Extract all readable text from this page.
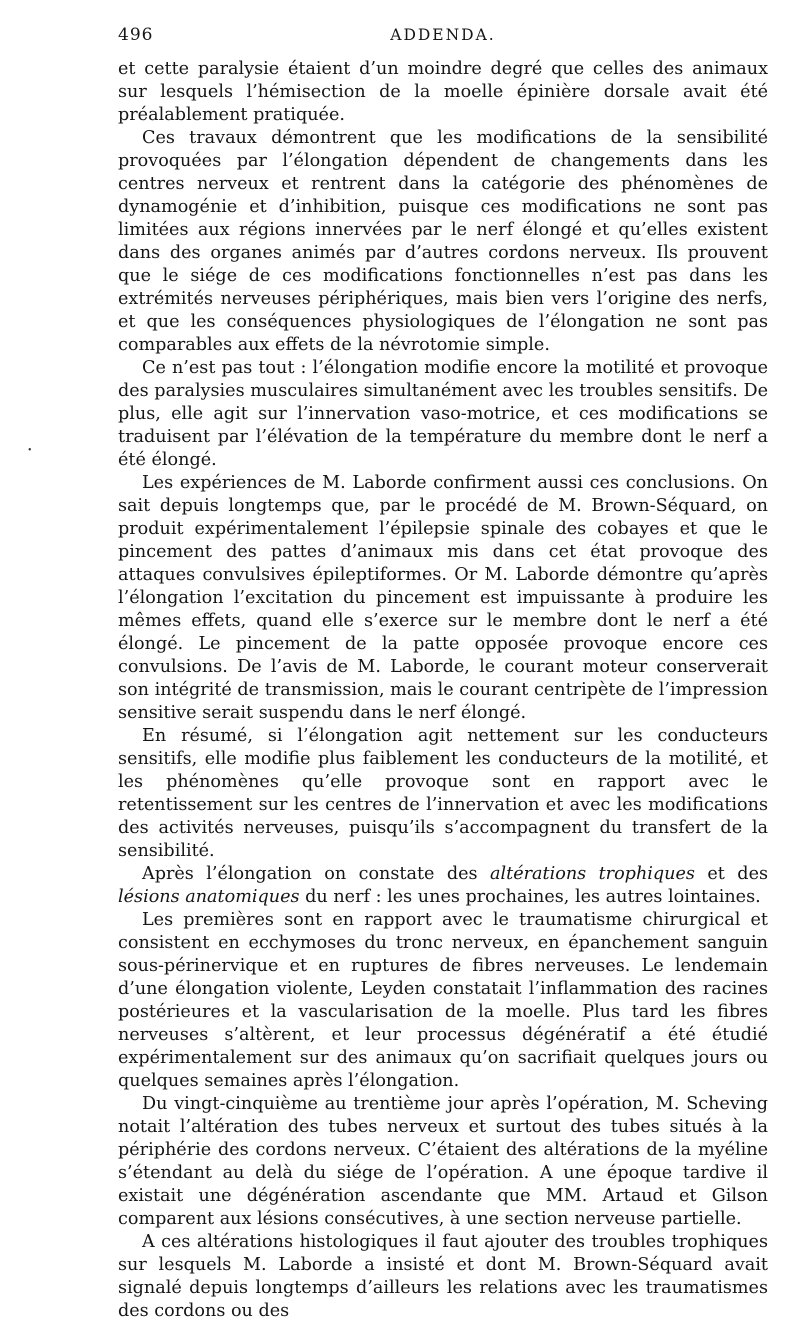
496	ADDENDA.

et cette paralysie étaient d’un moindre degré que celles des animaux sur lesquels l’hémisection de la moelle épinière dorsale avait été préalablement pratiquée.

Ces travaux démontrent que les modifications de la sensibilité provoquées par l’élongation dépendent de changements dans les centres nerveux et rentrent dans la catégorie des phénomènes de dynamogénie et d’inhibition, puisque ces modifications ne sont pas limitées aux régions innervées par le nerf élongé et qu’elles existent dans des organes animés par d’autres cordons nerveux. Ils prouvent que le siége de ces modifications fonctionnelles n’est pas dans les extrémités nerveuses périphériques, mais bien vers l’origine des nerfs, et que les conséquences physiologiques de l’élongation ne sont pas comparables aux effets de la névrotomie simple.

Ce n’est pas tout : l’élongation modifie encore la motilité et provoque des paralysies musculaires simultanément avec les troubles sensitifs. De plus, elle agit sur l’innervation vaso-motrice, et ces modifications se traduisent par l’élévation de la température du membre dont le nerf a été élongé.

Les expériences de M. Laborde confirment aussi ces conclusions. On sait depuis longtemps que, par le procédé de M. Brown-Séquard, on produit expérimentalement l’épilepsie spinale des cobayes et que le pincement des pattes d’animaux mis dans cet état provoque des attaques convulsives épileptiformes. Or M. Laborde démontre qu’après l’élongation l’excitation du pincement est impuissante à produire les mêmes effets, quand elle s’exerce sur le membre dont le nerf a été élongé. Le pincement de la patte opposée provoque encore ces convulsions. De l’avis de M. Laborde, le courant moteur conserverait son intégrité de transmission, mais le courant centripète de l’impression sensitive serait suspendu dans le nerf élongé.

En résumé, si l’élongation agit nettement sur les conducteurs sensitifs, elle modifie plus faiblement les conducteurs de la motilité, et les phénomènes qu’elle provoque sont en rapport avec le retentissement sur les centres de l’innervation et avec les modifications des activités nerveuses, puisqu’ils s’accompagnent du transfert de la sensibilité.

Après l’élongation on constate des altérations trophiques et des lésions anatomiques du nerf : les unes prochaines, les autres lointaines.

Les premières sont en rapport avec le traumatisme chirurgical et consistent en ecchymoses du tronc nerveux, en épanchement sanguin sous-périnervique et en ruptures de fibres nerveuses. Le lendemain d’une élongation violente, Leyden constatait l’inflammation des racines postérieures et la vascularisation de la moelle. Plus tard les fibres nerveuses s’altèrent, et leur processus dégénératif a été étudié expérimentalement sur des animaux qu’on sacrifiait quelques jours ou quelques semaines après l’élongation.

Du vingt-cinquième au trentième jour après l’opération, M. Scheving notait l’altération des tubes nerveux et surtout des tubes situés à la périphérie des cordons nerveux. C’étaient des altérations de la myéline s’étendant au delà du siége de l’opération. A une époque tardive il existait une dégénération ascendante que MM. Artaud et Gilson comparent aux lésions consécutives, à une section nerveuse partielle.

A ces altérations histologiques il faut ajouter des troubles trophiques sur lesquels M. Laborde a insisté et dont M. Brown-Séquard avait signalé depuis longtemps d’ailleurs les relations avec les traumatismes des cordons ou des

•
